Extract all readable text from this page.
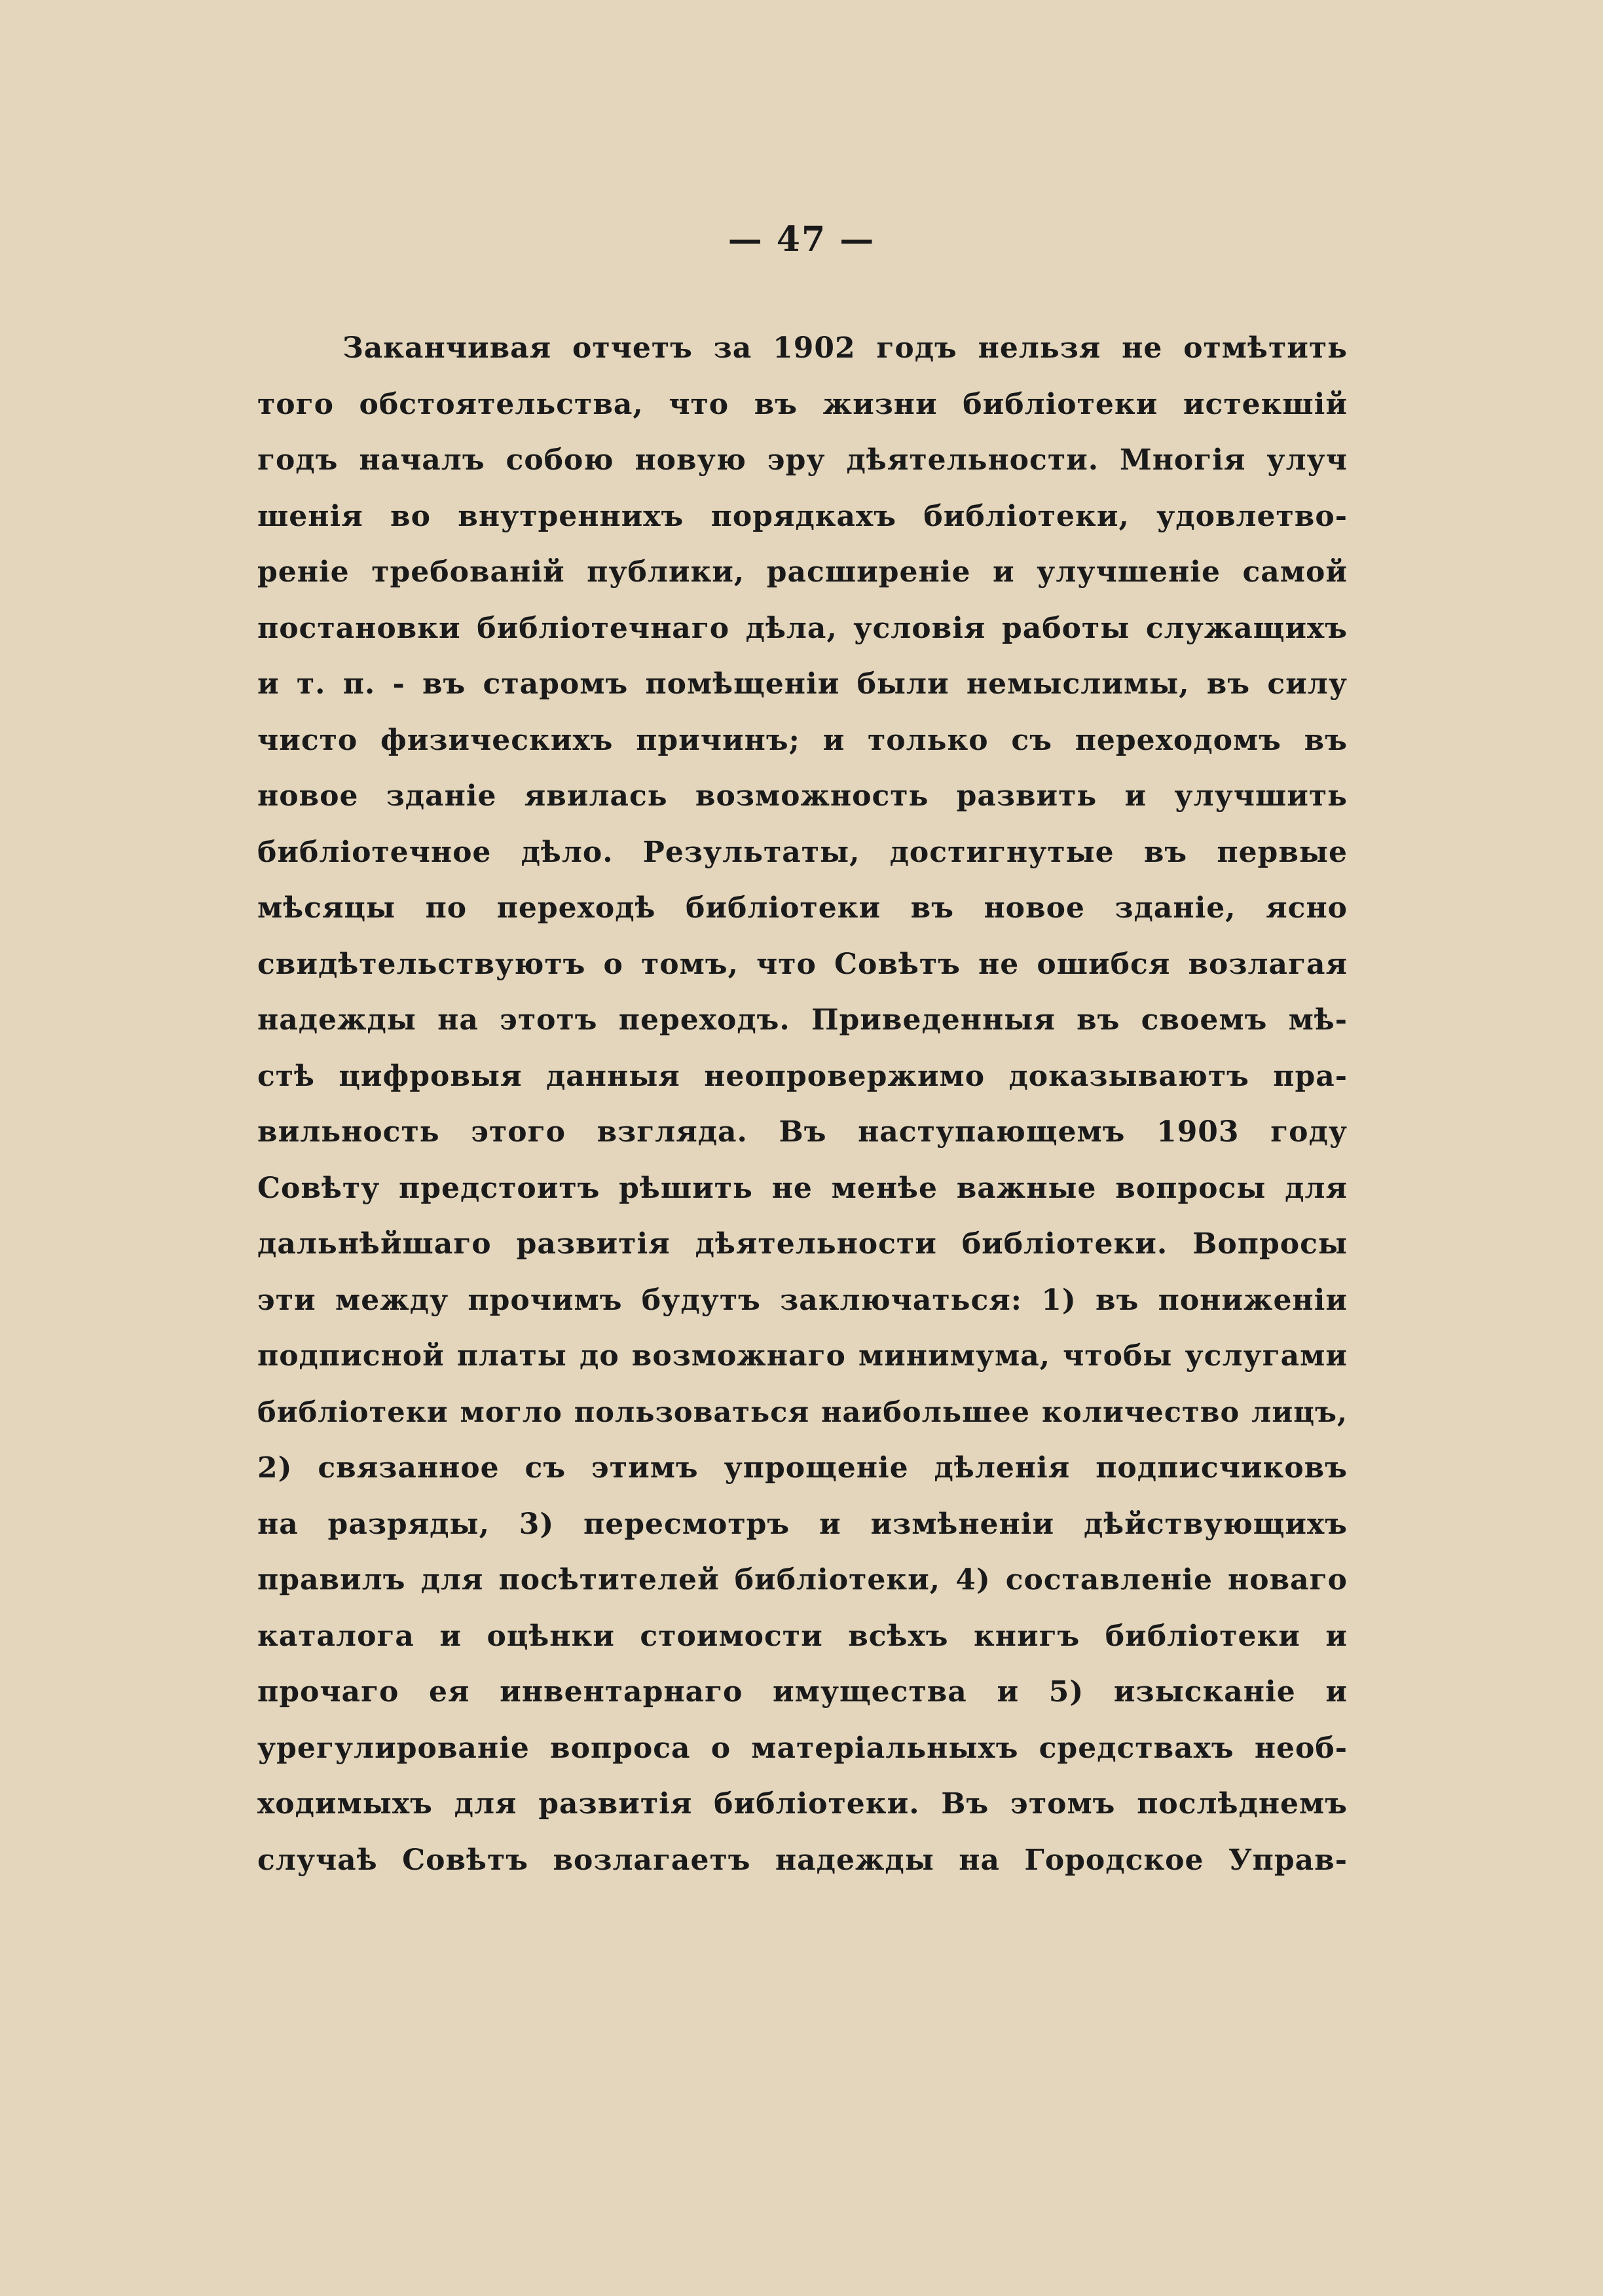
— 47 —
Заканчивая отчетъ за 1902 годъ нельзя не отмѣтить
того обстоятельства, что въ жизни библіотеки истекшій
годъ началъ собою новую эру дѣятельности. Многія улуч
шенія во внутреннихъ порядкахъ библіотеки, удовлетво-
реніе требованій публики, расширеніе и улучшеніе самой
постановки библіотечнаго дѣла, условія работы служащихъ
и т. п. - въ старомъ помѣщеніи были немыслимы, въ силу
чисто физическихъ причинъ; и только съ переходомъ въ
новое зданіе явилась возможность развить и улучшить
библіотечное дѣло. Результаты, достигнутые въ первые
мѣсяцы по переходѣ библіотеки въ новое зданіе, ясно
свидѣтельствуютъ о томъ, что Совѣтъ не ошибся возлагая
надежды на этотъ переходъ. Приведенныя въ своемъ мѣ-
стѣ цифровыя данныя неопровержимо доказываютъ пра-
вильность этого взгляда. Въ наступающемъ 1903 году
Совѣту предстоитъ рѣшить не менѣе важные вопросы для
дальнѣйшаго развитія дѣятельности библіотеки. Вопросы
эти между прочимъ будутъ заключаться: 1) въ пониженіи
подписной платы до возможнаго минимума, чтобы услугами
библіотеки могло пользоваться наибольшее количество лицъ,
2) связанное съ этимъ упрощеніе дѣленія подписчиковъ
на разряды, 3) пересмотръ и измѣненіи дѣйствующихъ
правилъ для посѣтителей библіотеки, 4) составленіе новаго
каталога и оцѣнки стоимости всѣхъ книгъ библіотеки и
прочаго ея инвентарнаго имущества и 5) изысканіе и
урегулированіе вопроса о матеріальныхъ средствахъ необ-
ходимыхъ для развитія библіотеки. Въ этомъ послѣднемъ
случаѣ Совѣтъ возлагаетъ надежды на Городское Управ-
